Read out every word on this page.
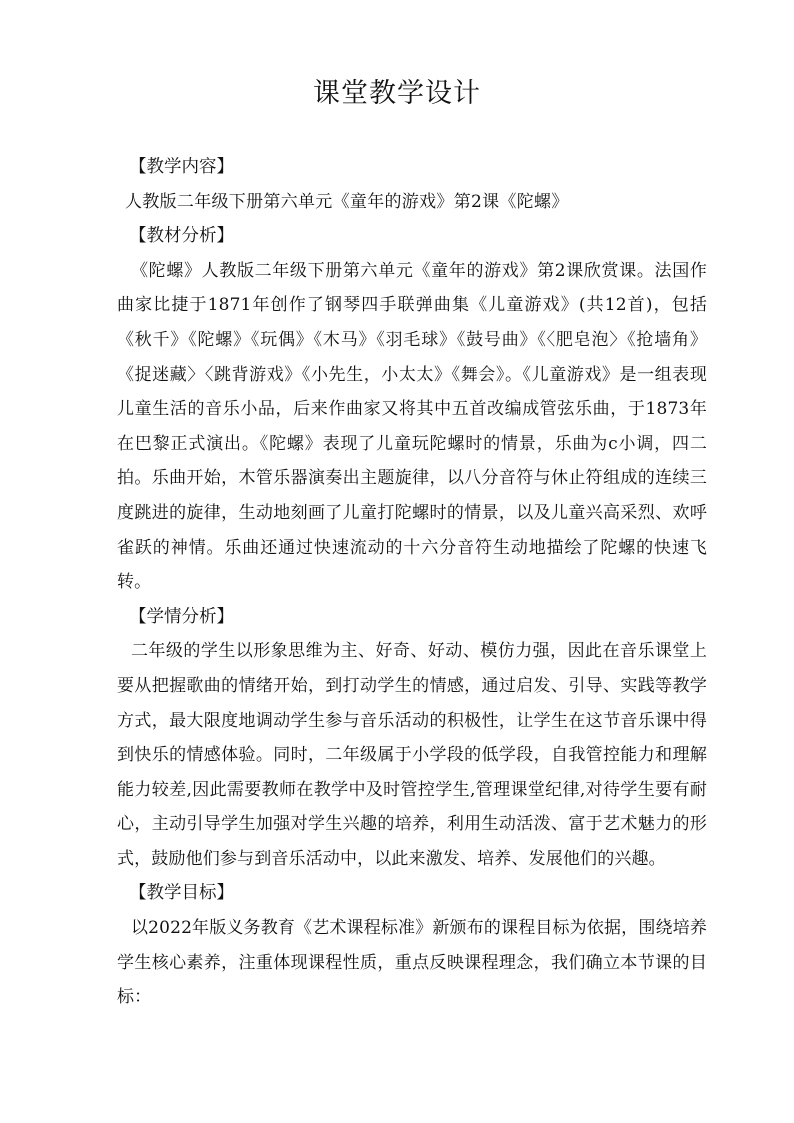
课堂教学设计
【教学内容】

人教版二年级下册第六单元《童年的游戏》第2课《陀螺》

【教材分析】

《陀螺》人教版二年级下册第六单元《童年的游戏》第2课欣赏课。法国作曲家比捷于1871年创作了钢琴四手联弹曲集《儿童游戏》(共12首)，包括《秋千》《陀螺》《玩偶》《木马》《羽毛球》《鼓号曲》《〈肥皂泡〉《抢墙角》《捉迷藏〉〈跳背游戏》《小先生，小太太》《舞会》。《儿童游戏》是一组表现儿童生活的音乐小品，后来作曲家又将其中五首改编成管弦乐曲，于1873年在巴黎正式演出。《陀螺》表现了儿童玩陀螺时的情景，乐曲为c小调，四二拍。乐曲开始，木管乐器演奏出主题旋律，以八分音符与休止符组成的连续三度跳进的旋律，生动地刻画了儿童打陀螺时的情景，以及儿童兴高采烈、欢呼雀跃的神情。乐曲还通过快速流动的十六分音符生动地描绘了陀螺的快速飞转。

【学情分析】

二年级的学生以形象思维为主、好奇、好动、模仿力强，因此在音乐课堂上要从把握歌曲的情绪开始，到打动学生的情感，通过启发、引导、实践等教学方式，最大限度地调动学生参与音乐活动的积极性，让学生在这节音乐课中得到快乐的情感体验。同时，二年级属于小学段的低学段，自我管控能力和理解能力较差,因此需要教师在教学中及时管控学生,管理课堂纪律,对待学生要有耐心，主动引导学生加强对学生兴趣的培养，利用生动活泼、富于艺术魅力的形式，鼓励他们参与到音乐活动中，以此来激发、培养、发展他们的兴趣。

【教学目标】

以2022年版义务教育《艺术课程标准》新颁布的课程目标为依据，围绕培养学生核心素养，注重体现课程性质，重点反映课程理念，我们确立本节课的目标：
